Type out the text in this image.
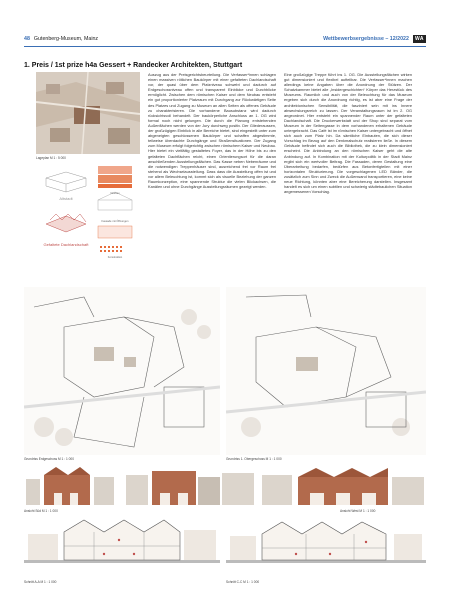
48 Gutenberg-Museum, Mainz	Wettbewerbsergebnisse – 12/2022	WA
1. Preis / 1st prize h4a Gessert + Randecker Architekten, Stuttgart
Lageplan M 1 : 5 000
Altstadt
Gefaltete Dachlandschaft
Neubau
Fassade mit Öffnungen
Konstruktion
Auszug aus der Preisgerichtsbeurteilung. Die Verfasser*innen schlagen einen massiven rötlichen Baukörper mit einer gefalteten Dachlandschaft vor, der quasi über dem Platzniveau schwebt und dadurch auf Erdgeschossniveau offen und transparent Einblicke und Durchblicke ermöglicht. Zwischen dem römischen Kaiser und dem Neubau entsteht ein gut proportionierter Platzraum mit Durchgang zur Rückwärtigen Seite des Platzes und Zugang zu Museum an allen Seiten als offenes Gebäude zu charakterisieren. Die vorhandene Bausubstanz wird dadurch rücksichtsvoll behandelt. Der baukörperliche Anschluss an 1. OG wird formal noch nicht gelungen. Die durch die Planung entstehenden Außenflächen werden von der Jury durchweg positiv. Der Gliederaussen, der großzügigen Einblick in alle Bereiche bietet, sind eingestellt unter zum abgeneigten geschlossenen Baukörper und schaffen abgestimmte, teilweise überdachte Durchgänge und Straßensituationen. Der Zugang zum Museum erfolgt folgerichtig zwischen römischem Kaiser und Neubau. Hier bietet ein vielfältig gestaltetes Foyer, das in der Höhe bis zu den gefalteten Dachflächen reicht, einen Orientierungsort für die daran anschließenden Ausstellungsflächen. Das Kasse neben Nebenräume und die notwendigen Treppenhäuser sind, ausreichend frei vor Raum frei stehend als Wechselausstellung. Dass dass die Ausstellung offen ist und vor allem Beleuchtung ist, kommt sich als visuelle Beziehung der ganzen Raumkonzeption, eine spannende Struktur die vielen Blickachsen, die Kanälen und ohne Durchgänge Ausstellungsräumen gezeigt werden.
Eine großzügige Treppe führt ins 1. OG. Die Ausstellungsflächen wirken gut dimensioniert und flexibel aufteilbar. Die Verfasser*innen machen allerdings keine Angaben über die Anordnung der Stützen. Der Schatzkammer bietet alle „Insidergeschichten“ Körper das Herzstück des Museums. Raumlich und auch von der Beleuchtung für das Museum ergeben sich durch die Anordnung richtig, es ist aber eine Frage der architektonischen Sensibilität, die fasziniert sein mit ins Innere abwechslungsreich zu lassen. Der Veranstaltungsraum ist im 2. OG angeordnet. Hier entsteht ein spannender Raum unter der gefalteten Dachlandschaft. Die Druckerwerkstatt und der Shop sind separat vom Museum in der Seitengasse in dem vorhandenen erhaltenen Gebäude untergebracht. Das Café ist im römischen Kaiser untergebracht und öffnet sich auch zum Platz hin. Da sämtliche Einbauten, die sich dieser Vorschlag im Bezug auf den Denkmalschutz realisieren ließe. In diesem Gebäude befindet sich auch die Bibliothek, die zu klein dimensioniert erscheint. Die Anbindung an den römischen Kaiser geht die alte Anbindung auf. In Kombination mit der Kulturpolitik in der Stadt Mainz ergibt sich ein wertvoller Beitrag. Die Fassaden, deren Gestaltung eine Überarbeitung bedarfen, bedürfen aus Betonfertigteilen mit einer horizontalen Strukturierung. Die vorgeschlagenen LED Bänder, die zusätzlich zum Sinn und Zweck die Außenwand transportieren, eine keine neue Richtung, könnten aber eine Bereicherung darstellen. Insgesamt handelt es sich um einen subtilen und schwierig städtebaulichen Situation angemessenen Vorschlag.
Grundriss Erdgeschoss M 1 : 1 000	Grundriss 1. Obergeschoss M 1 : 1 000
Ansicht Süd M 1 : 1 000	Ansicht West M 1 : 1 000
Schnitt A-A M 1 : 1 000	Schnitt C-C M 1 : 1 000
